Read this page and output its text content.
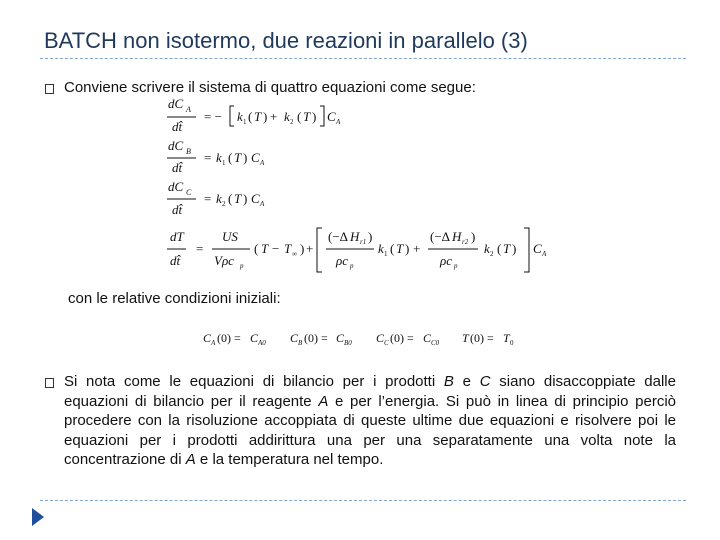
BATCH non isotermo, due reazioni in parallelo (3)
Conviene scrivere il sistema di quattro equazioni come segue:
dC A
dt̂
= − k 1 ( T ) + k 2 ( T ) C A
dC B
dt̂
= k 1 ( T ) C A
dC C
dt̂
= k 2 ( T ) C A
dT
dt̂
=
US
Vρc p
( T − T ∞ ) +
(−Δ H r1 )
ρc p
k 1 ( T ) +
(−Δ H r2 )
ρc p
k 2 ( T ) C A
C A (0) = C A0 C B (0) = C B0 C C (0) = C C0 T (0) = T 0
con le relative condizioni iniziali:
Si nota come le equazioni di bilancio per i prodotti B e C siano disaccoppiate dalle equazioni di bilancio per il reagente A e per l’energia. Si può in linea di principio perciò procedere con la risoluzione accoppiata di queste ultime due equazioni e risolvere poi le equazioni per i prodotti addirittura una per una separatamente una volta note la concentrazione di A e la temperatura nel tempo.
